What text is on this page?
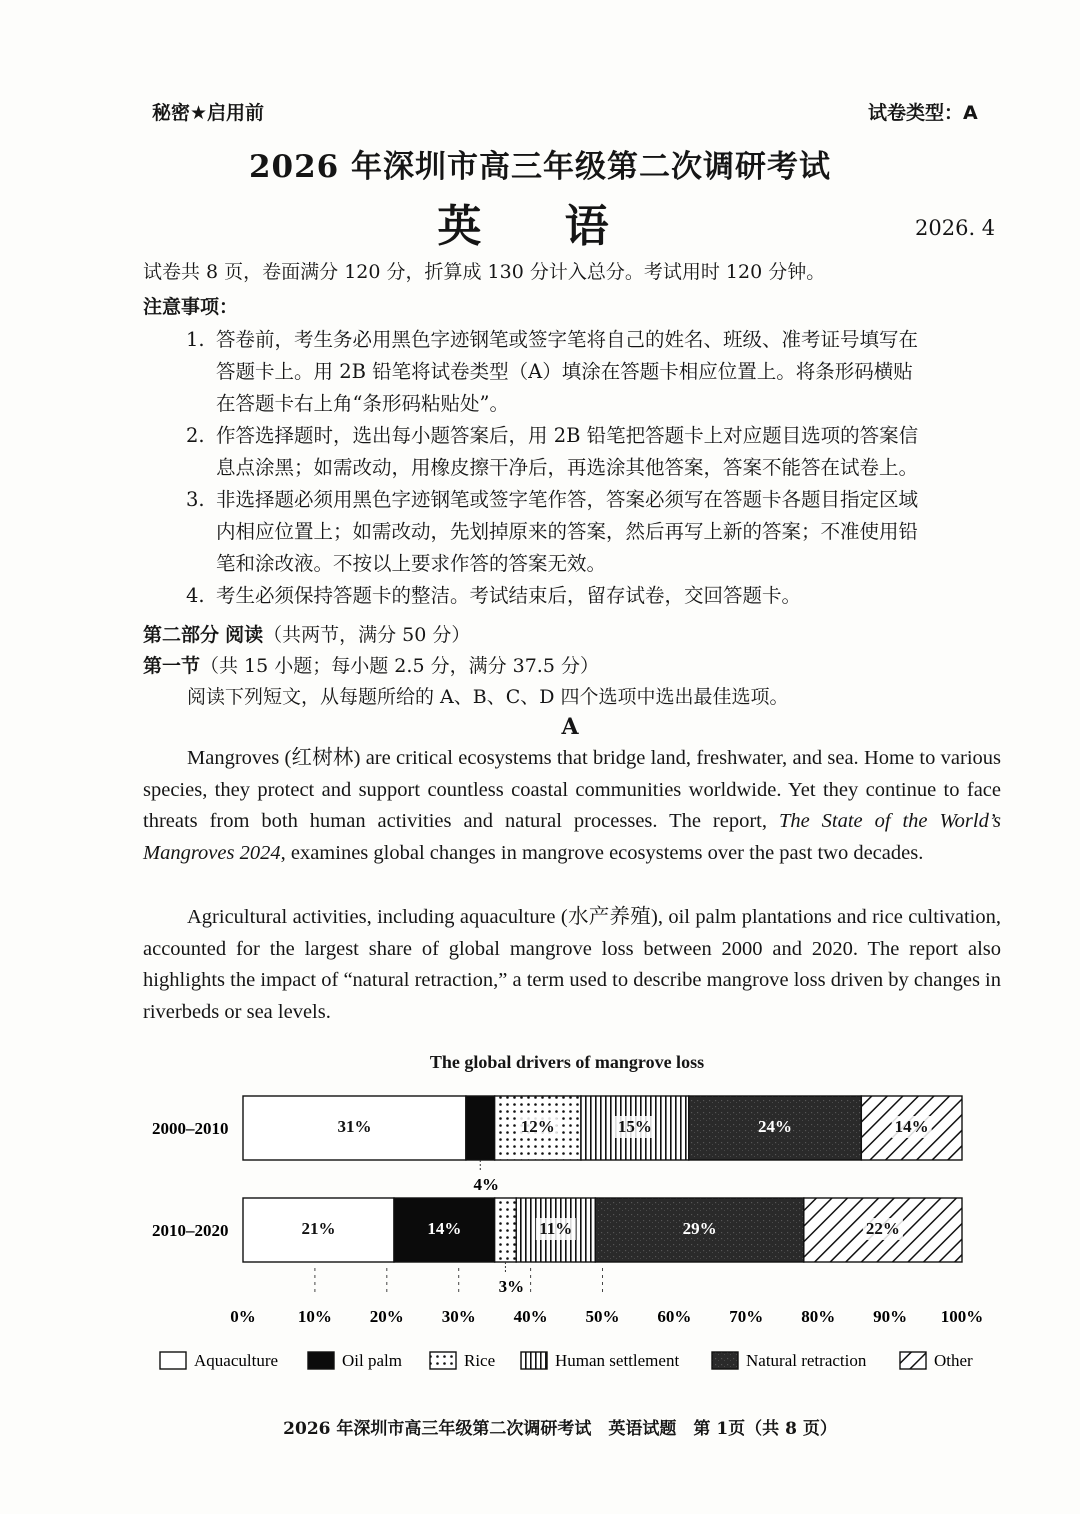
秘密★启用前	试卷类型：A
2026 年深圳市高三年级第二次调研考试
英 语	2026. 4
试卷共 8 页，卷面满分 120 分，折算成 130 分计入总分。考试用时 120 分钟。
注意事项：
1. 答卷前，考生务必用黑色字迹钢笔或签字笔将自己的姓名、班级、准考证号填写在
答题卡上。用 2B 铅笔将试卷类型（A）填涂在答题卡相应位置上。将条形码横贴
在答题卡右上角“条形码粘贴处”。
2. 作答选择题时，选出每小题答案后，用 2B 铅笔把答题卡上对应题目选项的答案信
息点涂黑；如需改动，用橡皮擦干净后，再选涂其他答案，答案不能答在试卷上。
3. 非选择题必须用黑色字迹钢笔或签字笔作答，答案必须写在答题卡各题目指定区域
内相应位置上；如需改动，先划掉原来的答案，然后再写上新的答案；不准使用铅
笔和涂改液。不按以上要求作答的答案无效。
4. 考生必须保持答题卡的整洁。考试结束后，留存试卷，交回答题卡。
第二部分 阅读（共两节，满分 50 分）
第一节（共 15 小题；每小题 2.5 分，满分 37.5 分）
阅读下列短文，从每题所给的 A、B、C、D 四个选项中选出最佳选项。
A
Mangroves (红树林) are critical ecosystems that bridge land, freshwater, and sea. Home to various species, they protect and support countless coastal communities worldwide. Yet they continue to face threats from both human activities and natural processes. The report, The State of the World’s Mangroves 2024, examines global changes in mangrove ecosystems over the past two decades.
Agricultural activities, including aquaculture (水产养殖), oil palm plantations and rice cultivation, accounted for the largest share of global mangrove loss between 2000 and 2020. The report also highlights the impact of “natural retraction,” a term used to describe mangrove loss driven by changes in riverbeds or sea levels.
The global drivers of mangrove loss
2000–2010	31%
4%
12%	15%	24%	14%
2010–2020	21%	14%
3%
11%	29%	22%
0% 10% 20% 30% 40% 50% 60% 70% 80% 90% 100%
Aquaculture	Oil palm	Rice	Human settlement	Natural retraction	Other
2026 年深圳市高三年级第二次调研考试　英语试题　第 1页（共 8 页）
